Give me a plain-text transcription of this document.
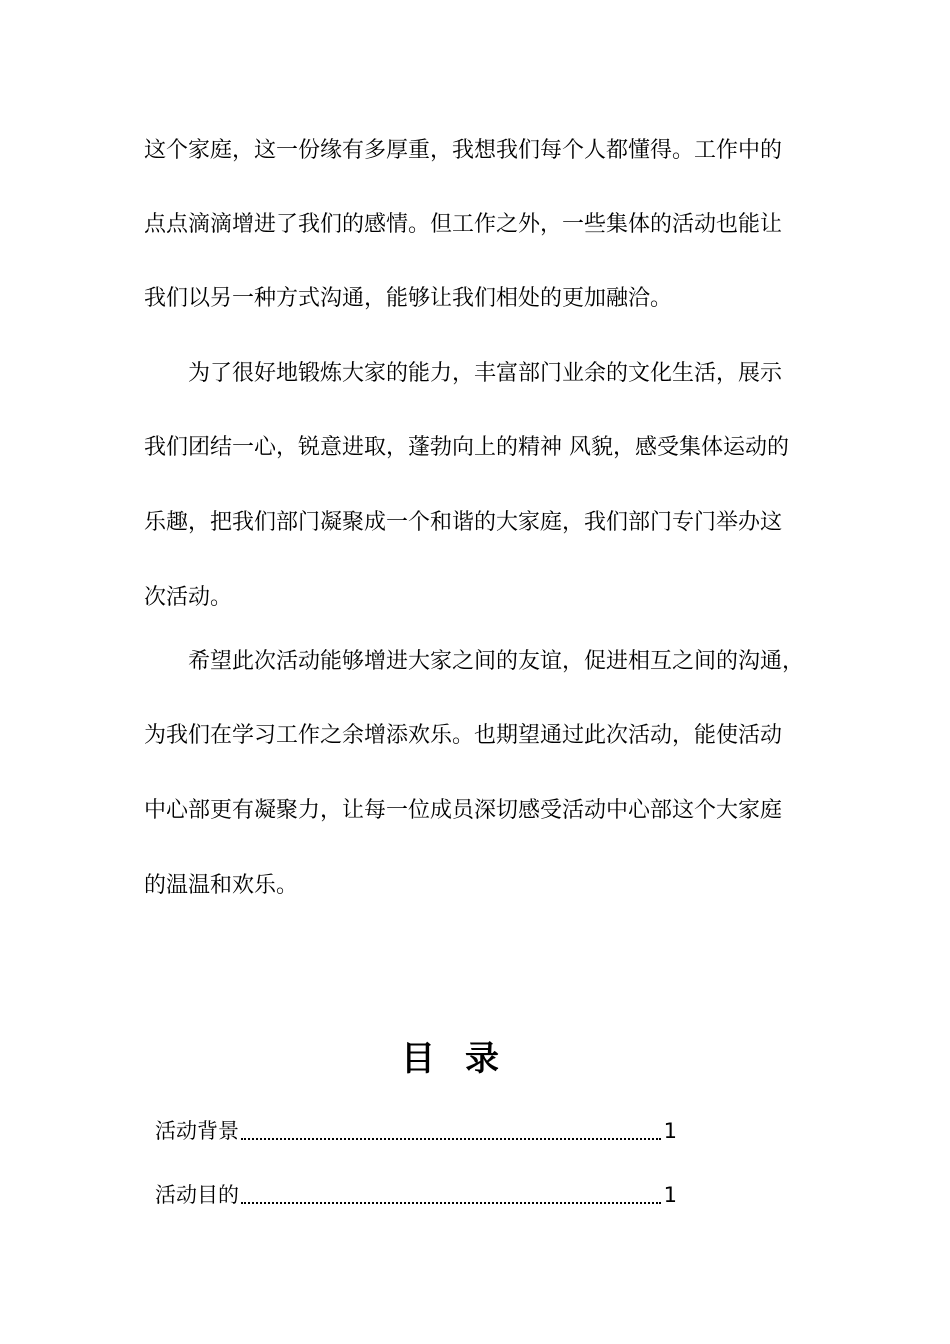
这个家庭，这一份缘有多厚重，我想我们每个人都懂得。工作中的
点点滴滴增进了我们的感情。但工作之外，一些集体的活动也能让
我们以另一种方式沟通，能够让我们相处的更加融洽。
为了很好地锻炼大家的能力，丰富部门业余的文化生活，展示
我们团结一心，锐意进取，蓬勃向上的精神 风貌，感受集体运动的
乐趣，把我们部门凝聚成一个和谐的大家庭，我们部门专门举办这
次活动。
希望此次活动能够增进大家之间的友谊，促进相互之间的沟通，
为我们在学习工作之余增添欢乐。也期望通过此次活动，能使活动
中心部更有凝聚力，让每一位成员深切感受活动中心部这个大家庭
的温温和欢乐。
目录
活动背景	1
活动目的	1
